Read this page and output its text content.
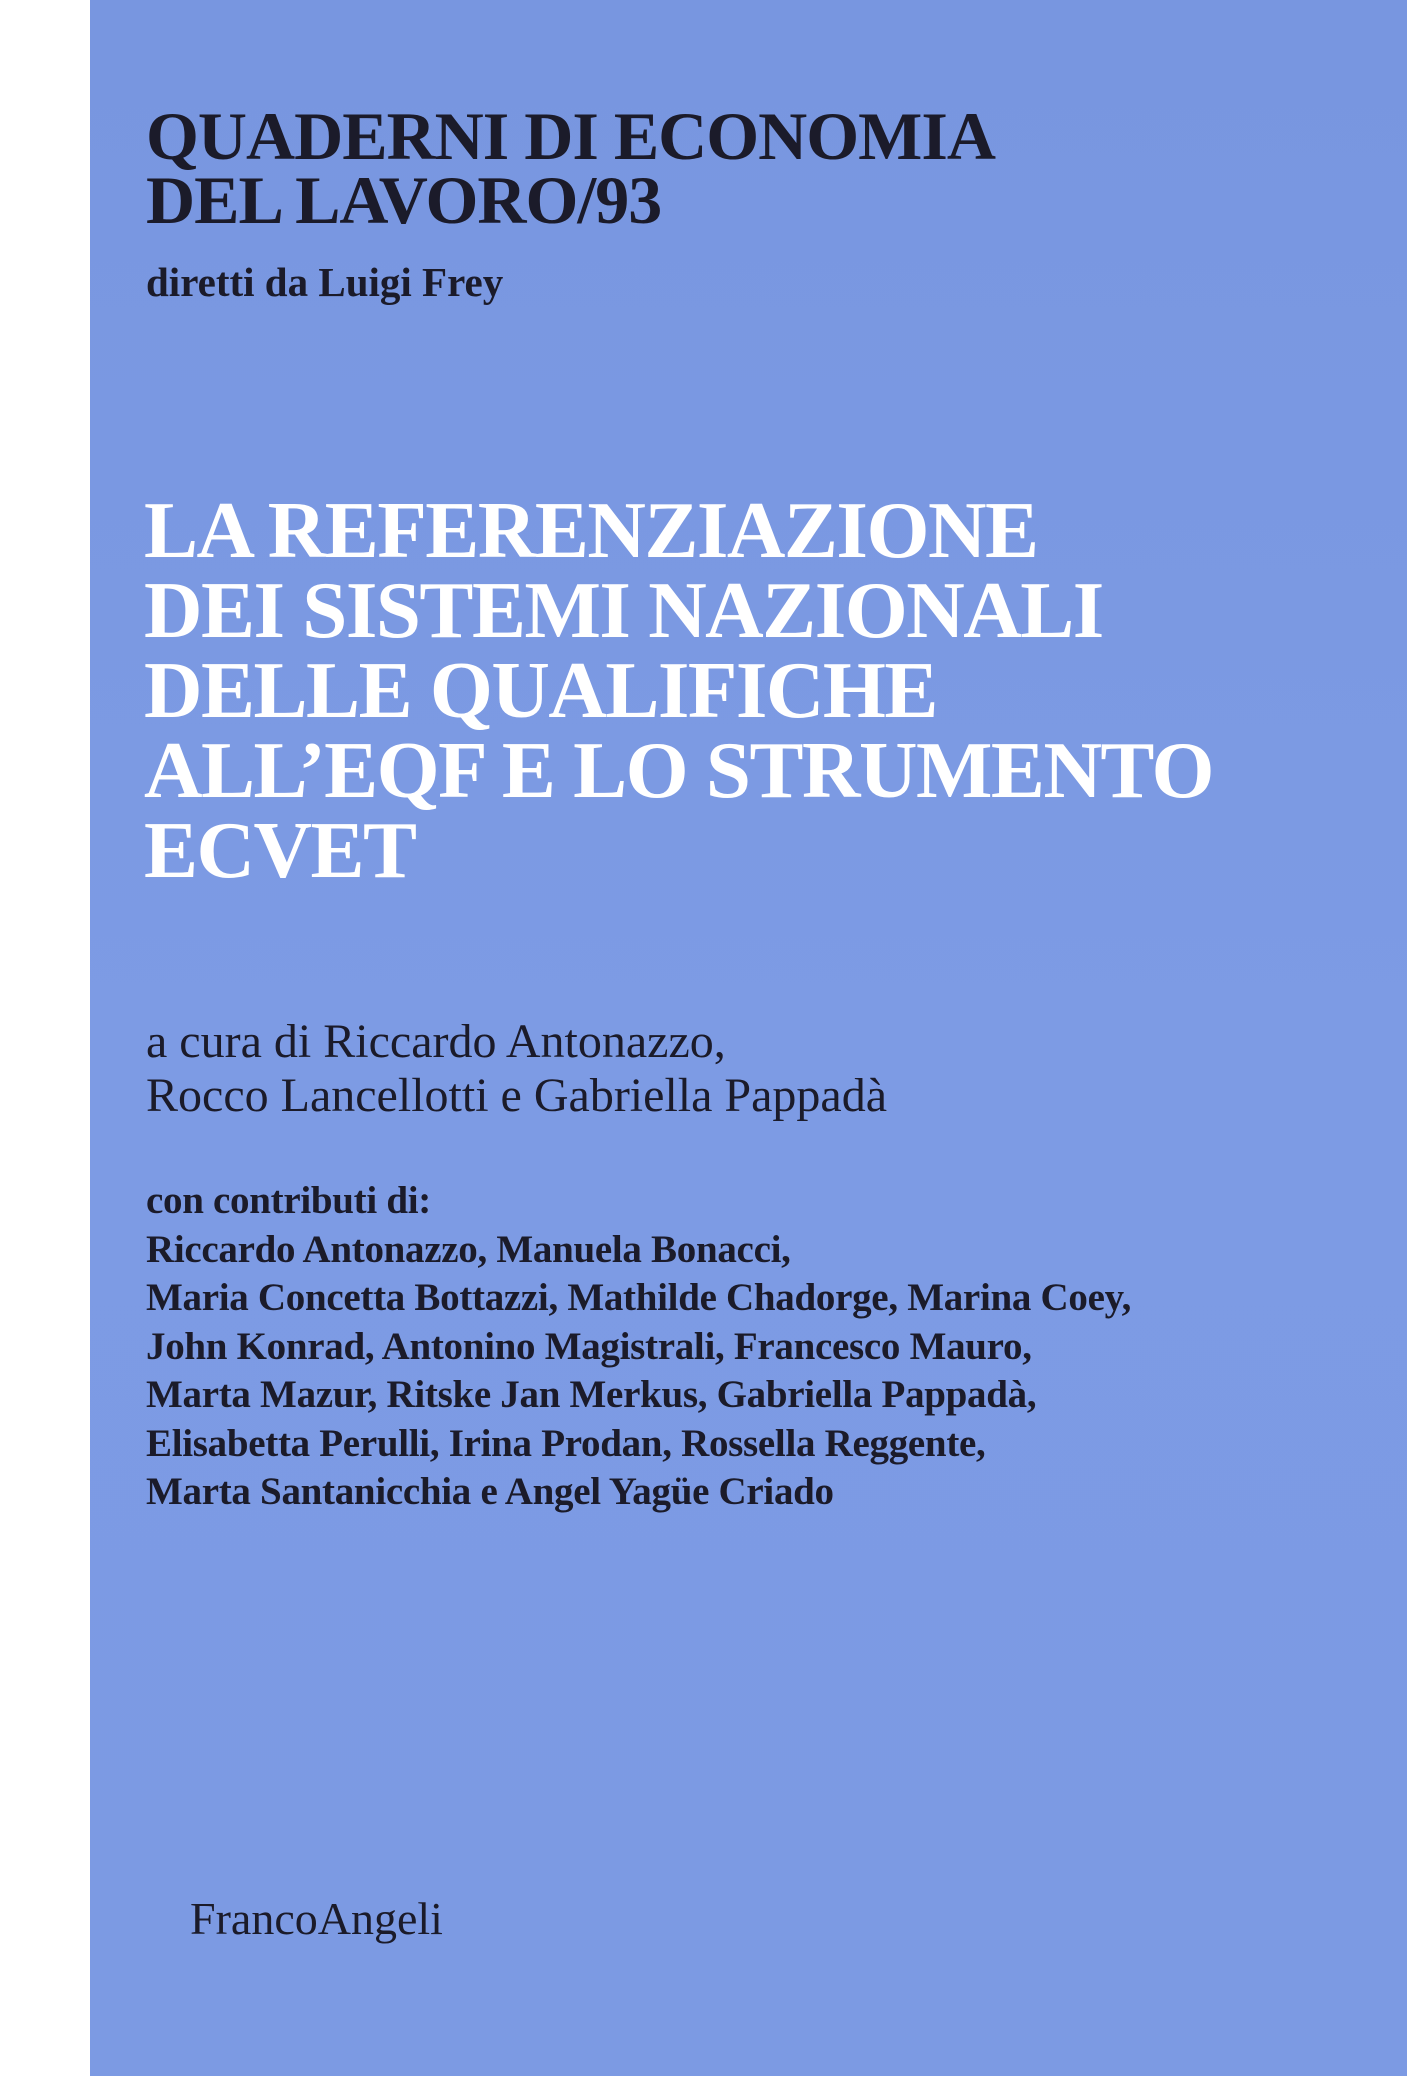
QUADERNI DI ECONOMIA
DEL LAVORO/93
diretti da Luigi Frey
LA REFERENZIAZIONE
DEI SISTEMI NAZIONALI
DELLE QUALIFICHE
ALL’EQF E LO STRUMENTO
ECVET
a cura di Riccardo Antonazzo,
Rocco Lancellotti e Gabriella Pappadà
con contributi di:
Riccardo Antonazzo, Manuela Bonacci,
Maria Concetta Bottazzi, Mathilde Chadorge, Marina Coey,
John Konrad, Antonino Magistrali, Francesco Mauro,
Marta Mazur, Ritske Jan Merkus, Gabriella Pappadà,
Elisabetta Perulli, Irina Prodan, Rossella Reggente,
Marta Santanicchia e Angel Yagüe Criado
FrancoAngeli
